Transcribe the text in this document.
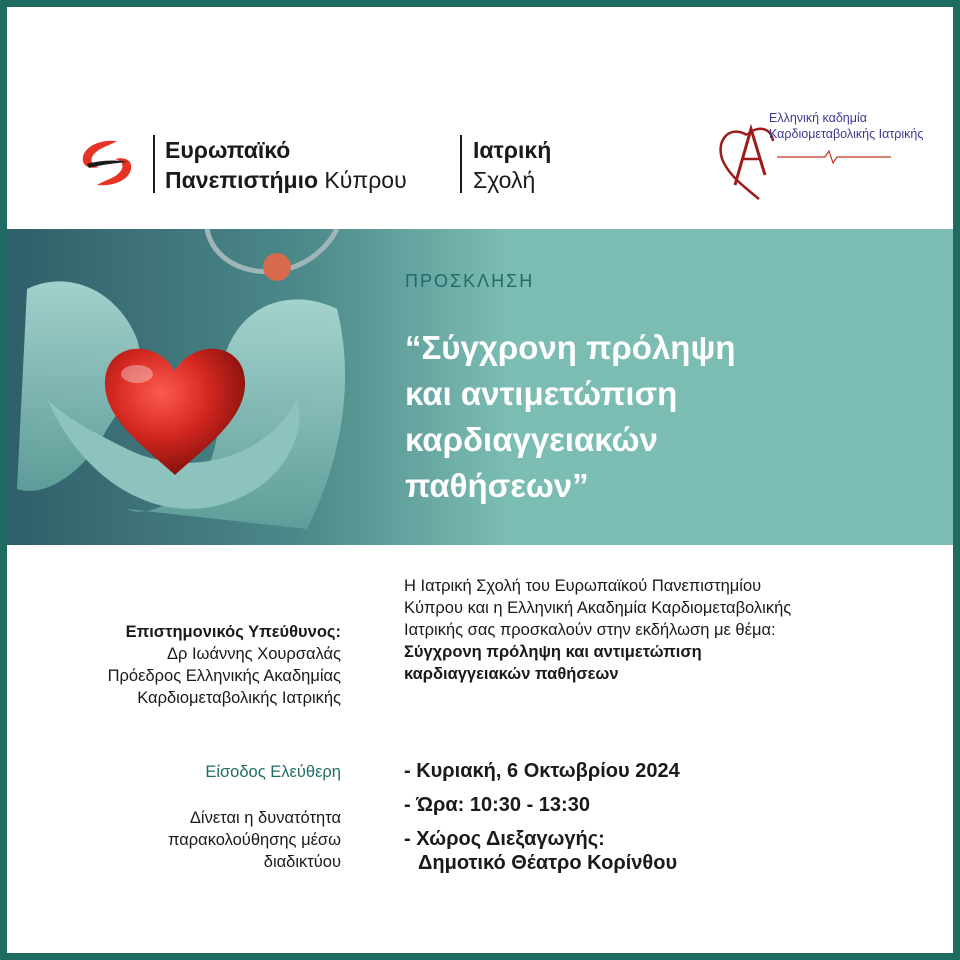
Ευρωπαϊκό
Πανεπιστήμιο Κύπρου
Ιατρική
Σχολή
Ελληνική καδημία Καρδιομεταβολικής Ιατρικής
ΠΡΟΣΚΛΗΣΗ
“Σύγχρονη πρόληψη
και αντιμετώπιση
καρδιαγγειακών
παθήσεων”
Η Ιατρική Σχολή του Ευρωπαϊκού Πανεπιστημίου
Κύπρου και η Ελληνική Ακαδημία Καρδιομεταβολικής
Ιατρικής σας προσκαλούν στην εκδήλωση με θέμα:
Σύγχρονη πρόληψη και αντιμετώπιση
καρδιαγγειακών παθήσεων
Επιστημονικός Υπεύθυνος:
Δρ Ιωάννης Χουρσαλάς
Πρόεδρος Ελληνικής Ακαδημίας
Καρδιομεταβολικής Ιατρικής
Είσοδος Ελεύθερη
Δίνεται η δυνατότητα
παρακολούθησης μέσω
διαδικτύου
- Κυριακή, 6 Οκτωβρίου 2024
- Ώρα: 10:30 - 13:30
- Χώρος Διεξαγωγής:
Δημοτικό Θέατρο Κορίνθου
